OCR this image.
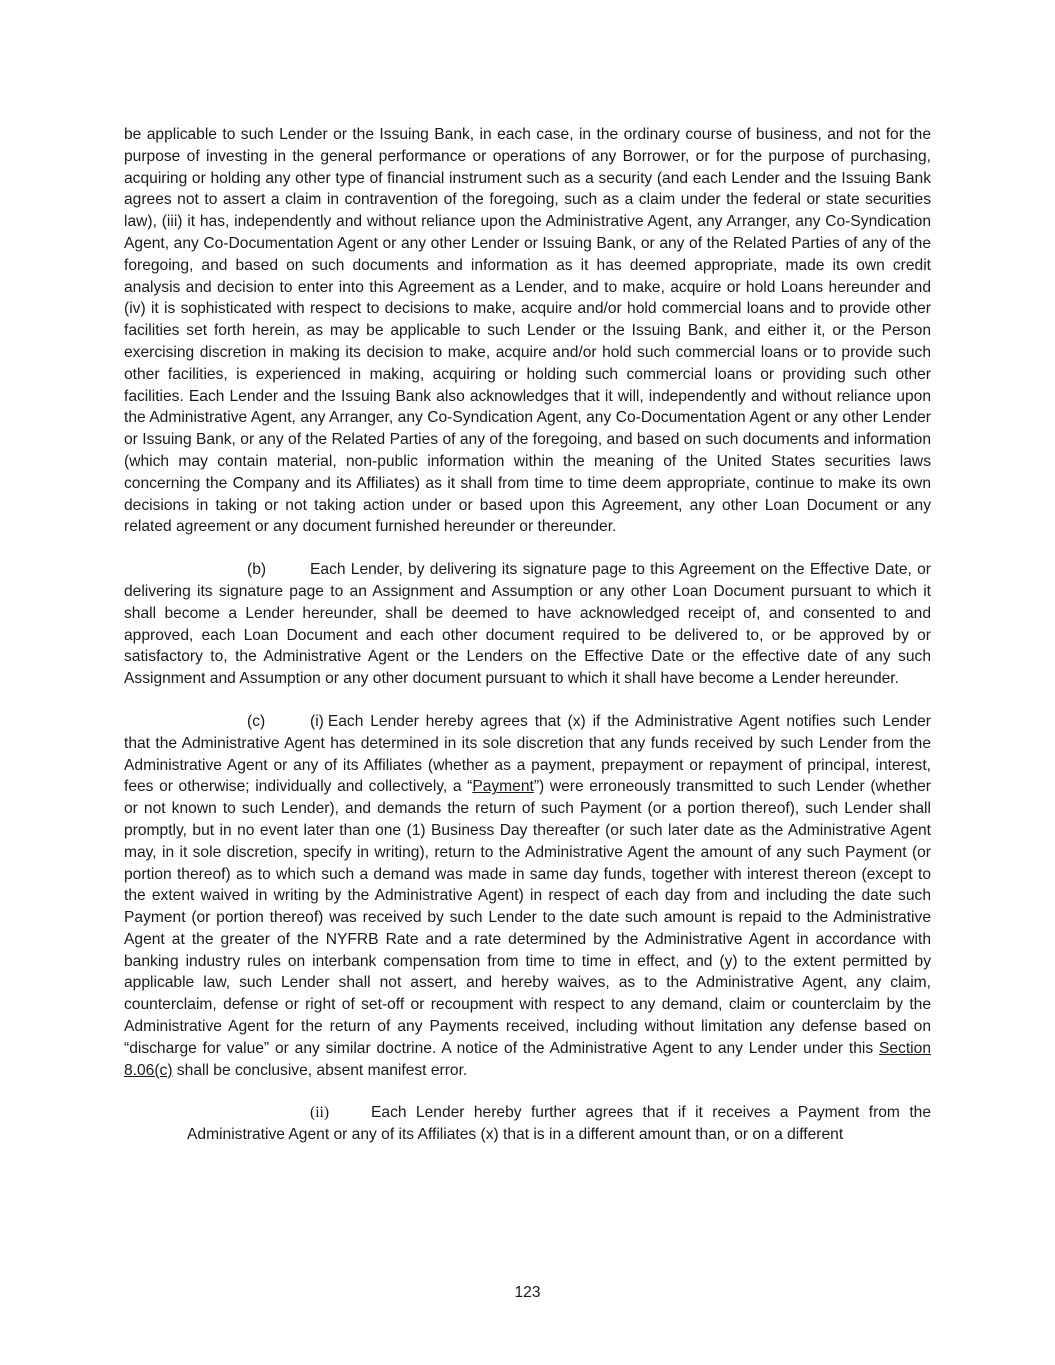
be applicable to such Lender or the Issuing Bank, in each case, in the ordinary course of business, and not for the purpose of investing in the general performance or operations of any Borrower, or for the purpose of purchasing, acquiring or holding any other type of financial instrument such as a security (and each Lender and the Issuing Bank agrees not to assert a claim in contravention of the foregoing, such as a claim under the federal or state securities law), (iii) it has, independently and without reliance upon the Administrative Agent, any Arranger, any Co-Syndication Agent, any Co-Documentation Agent or any other Lender or Issuing Bank, or any of the Related Parties of any of the foregoing, and based on such documents and information as it has deemed appropriate, made its own credit analysis and decision to enter into this Agreement as a Lender, and to make, acquire or hold Loans hereunder and (iv) it is sophisticated with respect to decisions to make, acquire and/or hold commercial loans and to provide other facilities set forth herein, as may be applicable to such Lender or the Issuing Bank, and either it, or the Person exercising discretion in making its decision to make, acquire and/or hold such commercial loans or to provide such other facilities, is experienced in making, acquiring or holding such commercial loans or providing such other facilities. Each Lender and the Issuing Bank also acknowledges that it will, independently and without reliance upon the Administrative Agent, any Arranger, any Co-Syndication Agent, any Co-Documentation Agent or any other Lender or Issuing Bank, or any of the Related Parties of any of the foregoing, and based on such documents and information (which may contain material, non-public information within the meaning of the United States securities laws concerning the Company and its Affiliates) as it shall from time to time deem appropriate, continue to make its own decisions in taking or not taking action under or based upon this Agreement, any other Loan Document or any related agreement or any document furnished hereunder or thereunder.

(b)	Each Lender, by delivering its signature page to this Agreement on the Effective Date, or delivering its signature page to an Assignment and Assumption or any other Loan Document pursuant to which it shall become a Lender hereunder, shall be deemed to have acknowledged receipt of, and consented to and approved, each Loan Document and each other document required to be delivered to, or be approved by or satisfactory to, the Administrative Agent or the Lenders on the Effective Date or the effective date of any such Assignment and Assumption or any other document pursuant to which it shall have become a Lender hereunder.

(c)	(i) Each Lender hereby agrees that (x) if the Administrative Agent notifies such Lender that the Administrative Agent has determined in its sole discretion that any funds received by such Lender from the Administrative Agent or any of its Affiliates (whether as a payment, prepayment or repayment of principal, interest, fees or otherwise; individually and collectively, a “Payment”) were erroneously transmitted to such Lender (whether or not known to such Lender), and demands the return of such Payment (or a portion thereof), such Lender shall promptly, but in no event later than one (1) Business Day thereafter (or such later date as the Administrative Agent may, in it sole discretion, specify in writing), return to the Administrative Agent the amount of any such Payment (or portion thereof) as to which such a demand was made in same day funds, together with interest thereon (except to the extent waived in writing by the Administrative Agent) in respect of each day from and including the date such Payment (or portion thereof) was received by such Lender to the date such amount is repaid to the Administrative Agent at the greater of the NYFRB Rate and a rate determined by the Administrative Agent in accordance with banking industry rules on interbank compensation from time to time in effect, and (y) to the extent permitted by applicable law, such Lender shall not assert, and hereby waives, as to the Administrative Agent, any claim, counterclaim, defense or right of set-off or recoupment with respect to any demand, claim or counterclaim by the Administrative Agent for the return of any Payments received, including without limitation any defense based on “discharge for value” or any similar doctrine. A notice of the Administrative Agent to any Lender under this Section 8.06(c) shall be conclusive, absent manifest error.

(ii)	Each Lender hereby further agrees that if it receives a Payment from the Administrative Agent or any of its Affiliates (x) that is in a different amount than, or on a different

123
